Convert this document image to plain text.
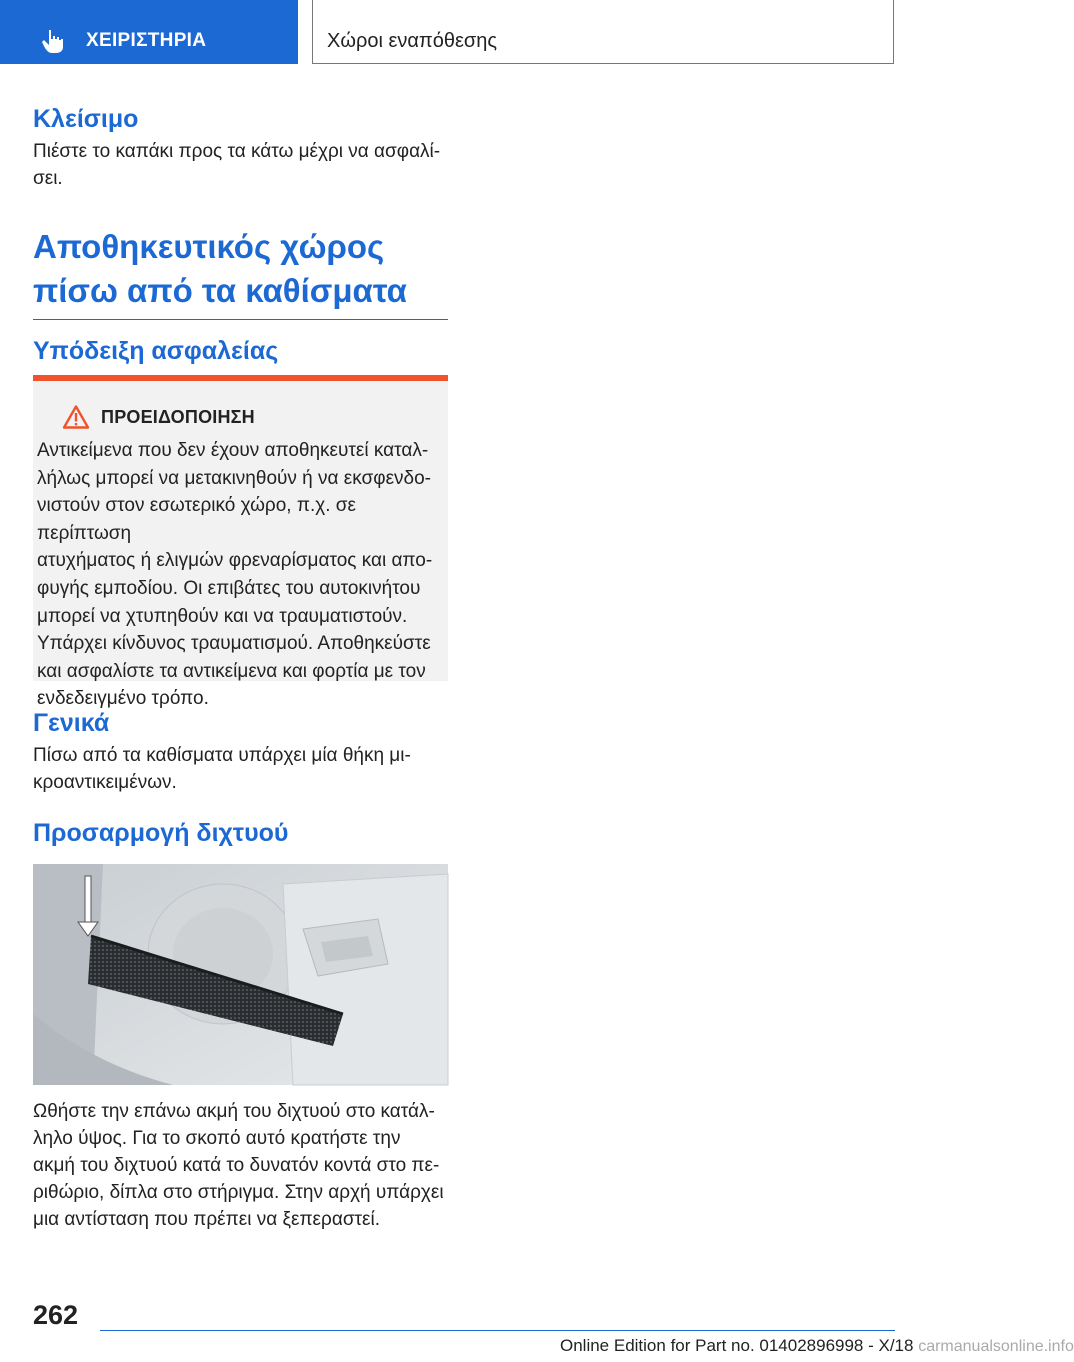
ΧΕΙΡΙΣΤΗΡΙΑ	Χώροι εναπόθεσης
Κλείσιμο

Πιέστε το καπάκι προς τα κάτω μέχρι να ασφαλί-
σει.

Αποθηκευτικός χώρος
πίσω από τα καθίσματα
Υπόδειξη ασφαλείας
ΠΡΟΕΙΔΟΠΟΙΗΣΗ
Αντικείμενα που δεν έχουν αποθηκευτεί καταλ-
λήλως μπορεί να μετακινηθούν ή να εκσφενδο-
νιστούν στον εσωτερικό χώρο, π.χ. σε περίπτωση
ατυχήματος ή ελιγμών φρεναρίσματος και απο-
φυγής εμποδίου. Οι επιβάτες του αυτοκινήτου
μπορεί να χτυπηθούν και να τραυματιστούν.
Υπάρχει κίνδυνος τραυματισμού. Αποθηκεύστε
και ασφαλίστε τα αντικείμενα και φορτία με τον
ενδεδειγμένο τρόπο.
Γενικά

Πίσω από τα καθίσματα υπάρχει μία θήκη μι-
κροαντικειμένων.

Προσαρμογή διχτυού

Ωθήστε την επάνω ακμή του διχτυού στο κατάλ-
ληλο ύψος. Για το σκοπό αυτό κρατήστε την
ακμή του διχτυού κατά το δυνατόν κοντά στο πε-
ριθώριο, δίπλα στο στήριγμα. Στην αρχή υπάρχει
μια αντίσταση που πρέπει να ξεπεραστεί.

262
Online Edition for Part no. 01402896998 - X/18 carmanualsonline.info
